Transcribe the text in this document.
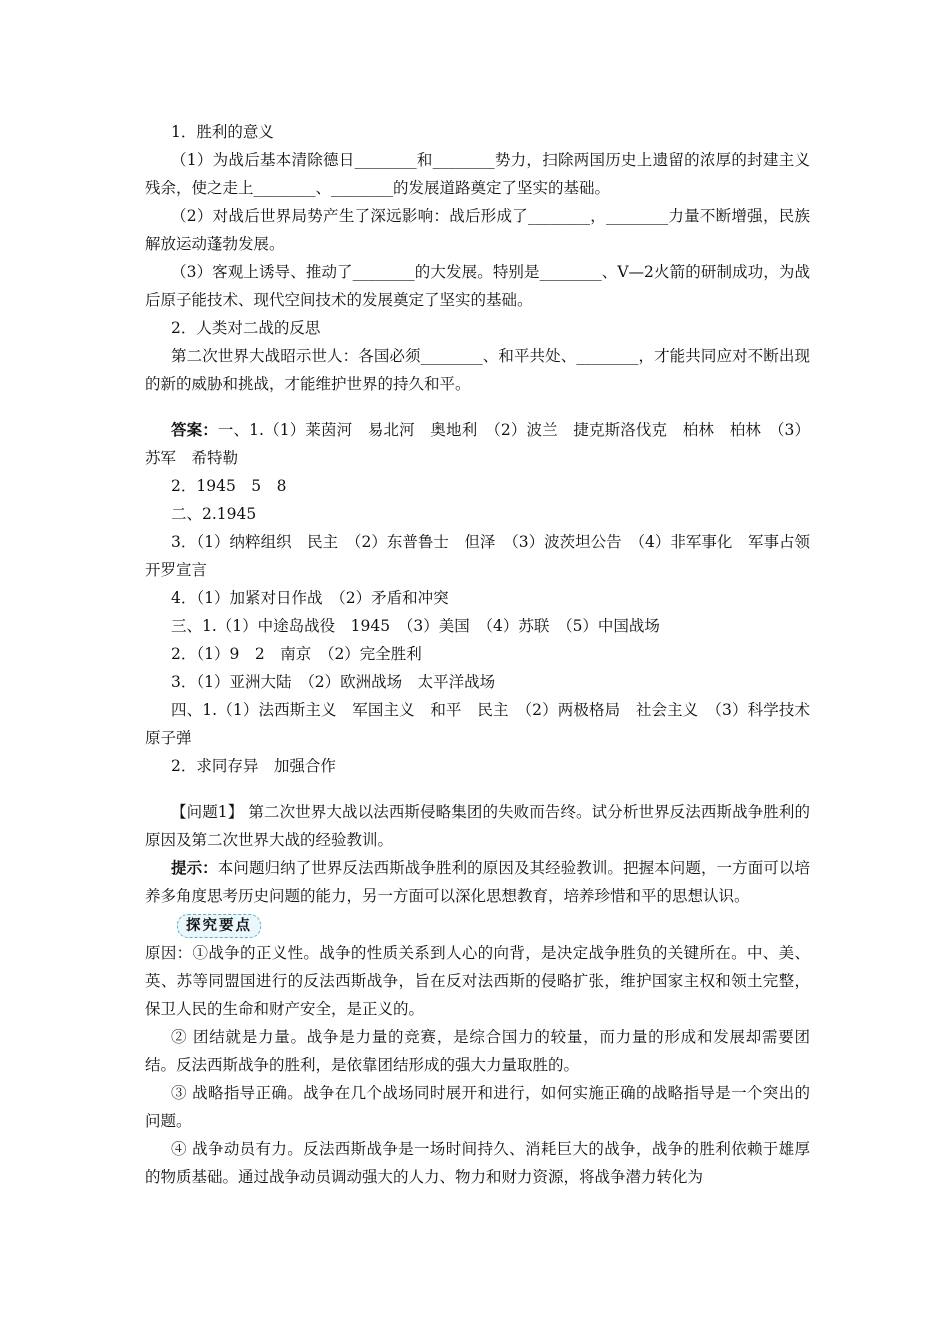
1．胜利的意义

（1）为战后基本清除德日________和________势力，扫除两国历史上遗留的浓厚的封建主义残余，使之走上________、________的发展道路奠定了坚实的基础。

（2）对战后世界局势产生了深远影响：战后形成了________，________力量不断增强，民族解放运动蓬勃发展。

（3）客观上诱导、推动了________的大发展。特别是________、V—2火箭的研制成功，为战后原子能技术、现代空间技术的发展奠定了坚实的基础。

2．人类对二战的反思

第二次世界大战昭示世人：各国必须________、和平共处、________，才能共同应对不断出现的新的威胁和挑战，才能维护世界的持久和平。

答案：一、1.（1）莱茵河　易北河　奥地利　（2）波兰　捷克斯洛伐克　柏林　柏林　（3）苏军　希特勒

2．1945　5　8

二、2.1945

3．（1）纳粹组织　民主　（2）东普鲁士　但泽　（3）波茨坦公告　（4）非军事化　军事占领　开罗宣言

4．（1）加紧对日作战　（2）矛盾和冲突

三、1.（1）中途岛战役　1945　（3）美国　（4）苏联　（5）中国战场

2．（1）9　2　南京　（2）完全胜利

3．（1）亚洲大陆　（2）欧洲战场　太平洋战场

四、1.（1）法西斯主义　军国主义　和平　民主　（2）两极格局　社会主义　（3）科学技术　原子弹

2．求同存异　加强合作

【问题1】 第二次世界大战以法西斯侵略集团的失败而告终。试分析世界反法西斯战争胜利的原因及第二次世界大战的经验教训。

提示：本问题归纳了世界反法西斯战争胜利的原因及其经验教训。把握本问题，一方面可以培养多角度思考历史问题的能力，另一方面可以深化思想教育，培养珍惜和平的思想认识。

探究要点

原因：①战争的正义性。战争的性质关系到人心的向背，是决定战争胜负的关键所在。中、美、英、苏等同盟国进行的反法西斯战争，旨在反对法西斯的侵略扩张，维护国家主权和领土完整，保卫人民的生命和财产安全，是正义的。

② 团结就是力量。战争是力量的竞赛，是综合国力的较量，而力量的形成和发展却需要团结。反法西斯战争的胜利，是依靠团结形成的强大力量取胜的。

③ 战略指导正确。战争在几个战场同时展开和进行，如何实施正确的战略指导是一个突出的问题。

④ 战争动员有力。反法西斯战争是一场时间持久、消耗巨大的战争，战争的胜利依赖于雄厚的物质基础。通过战争动员调动强大的人力、物力和财力资源，将战争潜力转化为
